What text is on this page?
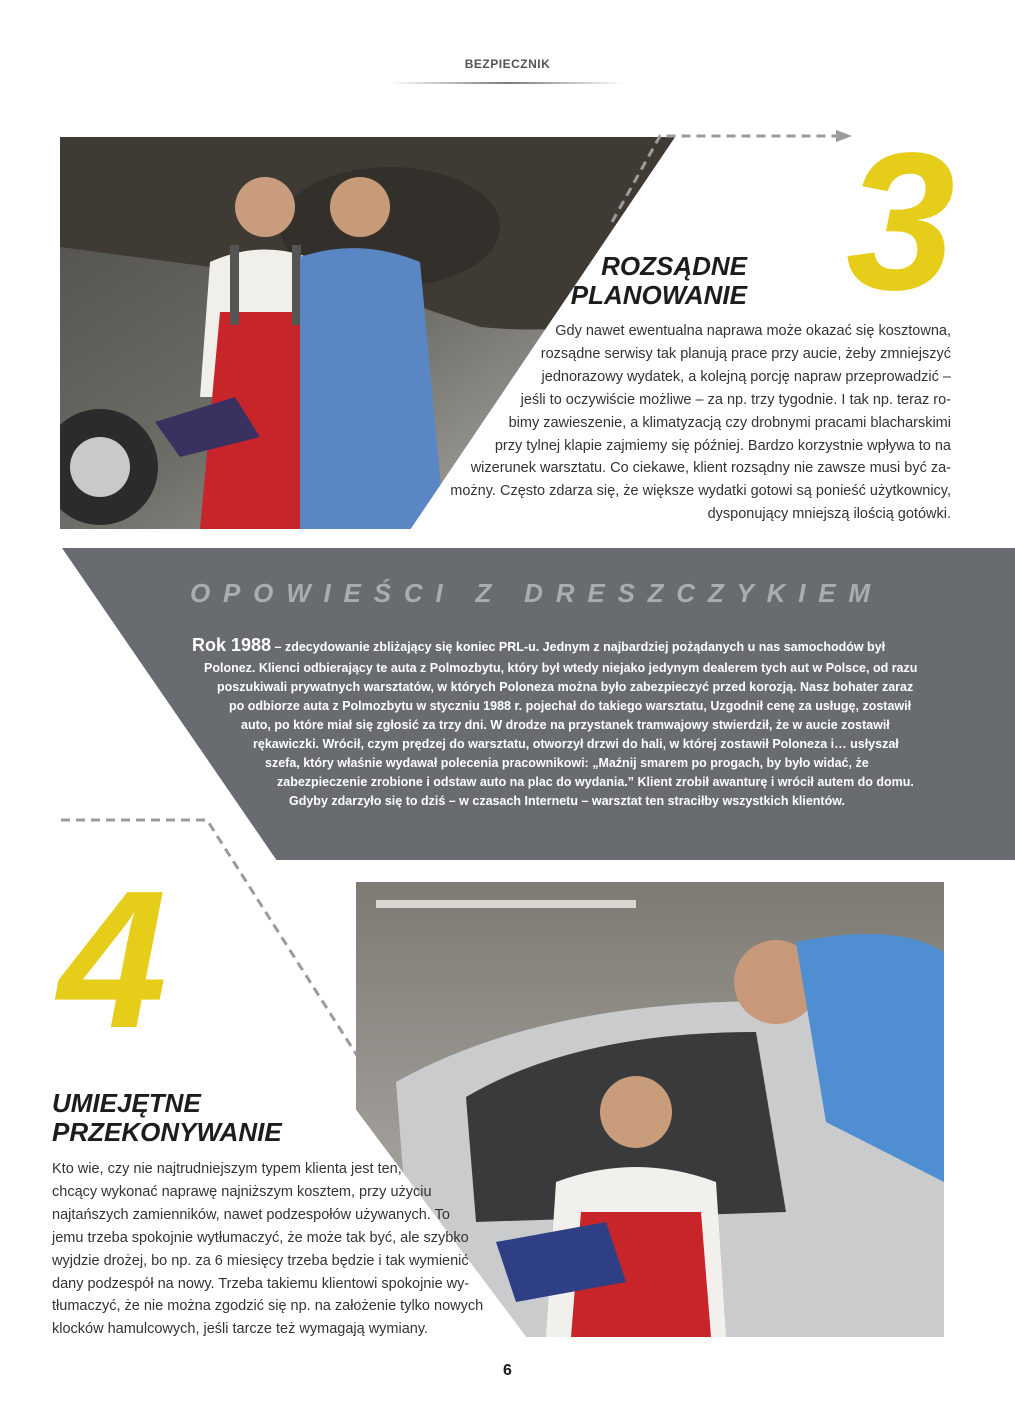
BEZPIECZNIK
3
ROZSĄDNE
PLANOWANIE
Gdy nawet ewentualna naprawa może okazać się kosztowna,
rozsądne serwisy tak planują prace przy aucie, żeby zmniejszyć
jednorazowy wydatek, a kolejną porcję napraw przeprowadzić –
jeśli to oczywiście możliwe – za np. trzy tygodnie. I tak np. teraz ro-
bimy zawieszenie, a klimatyzacją czy drobnymi pracami blacharskimi
przy tylnej klapie zajmiemy się później. Bardzo korzystnie wpływa to na
wizerunek warsztatu. Co ciekawe, klient rozsądny nie zawsze musi być za-
możny. Często zdarza się, że większe wydatki gotowi są ponieść użytkownicy,
dysponujący mniejszą ilością gotówki.
OPOWIEŚCI Z DRESZCZYKIEM
Rok 1988 – zdecydowanie zbliżający się koniec PRL-u. Jednym z najbardziej pożądanych u nas samochodów był
Polonez. Klienci odbierający te auta z Polmozbytu, który był wtedy niejako jedynym dealerem tych aut w Polsce, od razu
poszukiwali prywatnych warsztatów, w których Poloneza można było zabezpieczyć przed korozją. Nasz bohater zaraz
po odbiorze auta z Polmozbytu w styczniu 1988 r. pojechał do takiego warsztatu, Uzgodnił cenę za usługę, zostawił
auto, po które miał się zgłosić za trzy dni. W drodze na przystanek tramwajowy stwierdził, że w aucie zostawił
rękawiczki. Wrócił, czym prędzej do warsztatu, otworzył drzwi do hali, w której zostawił Poloneza i… usłyszał
szefa, który właśnie wydawał polecenia pracownikowi: „Maźnij smarem po progach, by było widać, że
zabezpieczenie zrobione i odstaw auto na plac do wydania.” Klient zrobił awanturę i wrócił autem do domu.
Gdyby zdarzyło się to dziś – w czasach Internetu – warsztat ten straciłby wszystkich klientów.
4
UMIEJĘTNE
PRZEKONYWANIE
Kto wie, czy nie najtrudniejszym typem klienta jest ten,
chcący wykonać naprawę najniższym kosztem, przy użyciu
najtańszych zamienników, nawet podzespołów używanych. To
jemu trzeba spokojnie wytłumaczyć, że może tak być, ale szybko
wyjdzie drożej, bo np. za 6 miesięcy trzeba będzie i tak wymienić
dany podzespół na nowy. Trzeba takiemu klientowi spokojnie wy-
tłumaczyć, że nie można zgodzić się np. na założenie tylko nowych
klocków hamulcowych, jeśli tarcze też wymagają wymiany.
6
